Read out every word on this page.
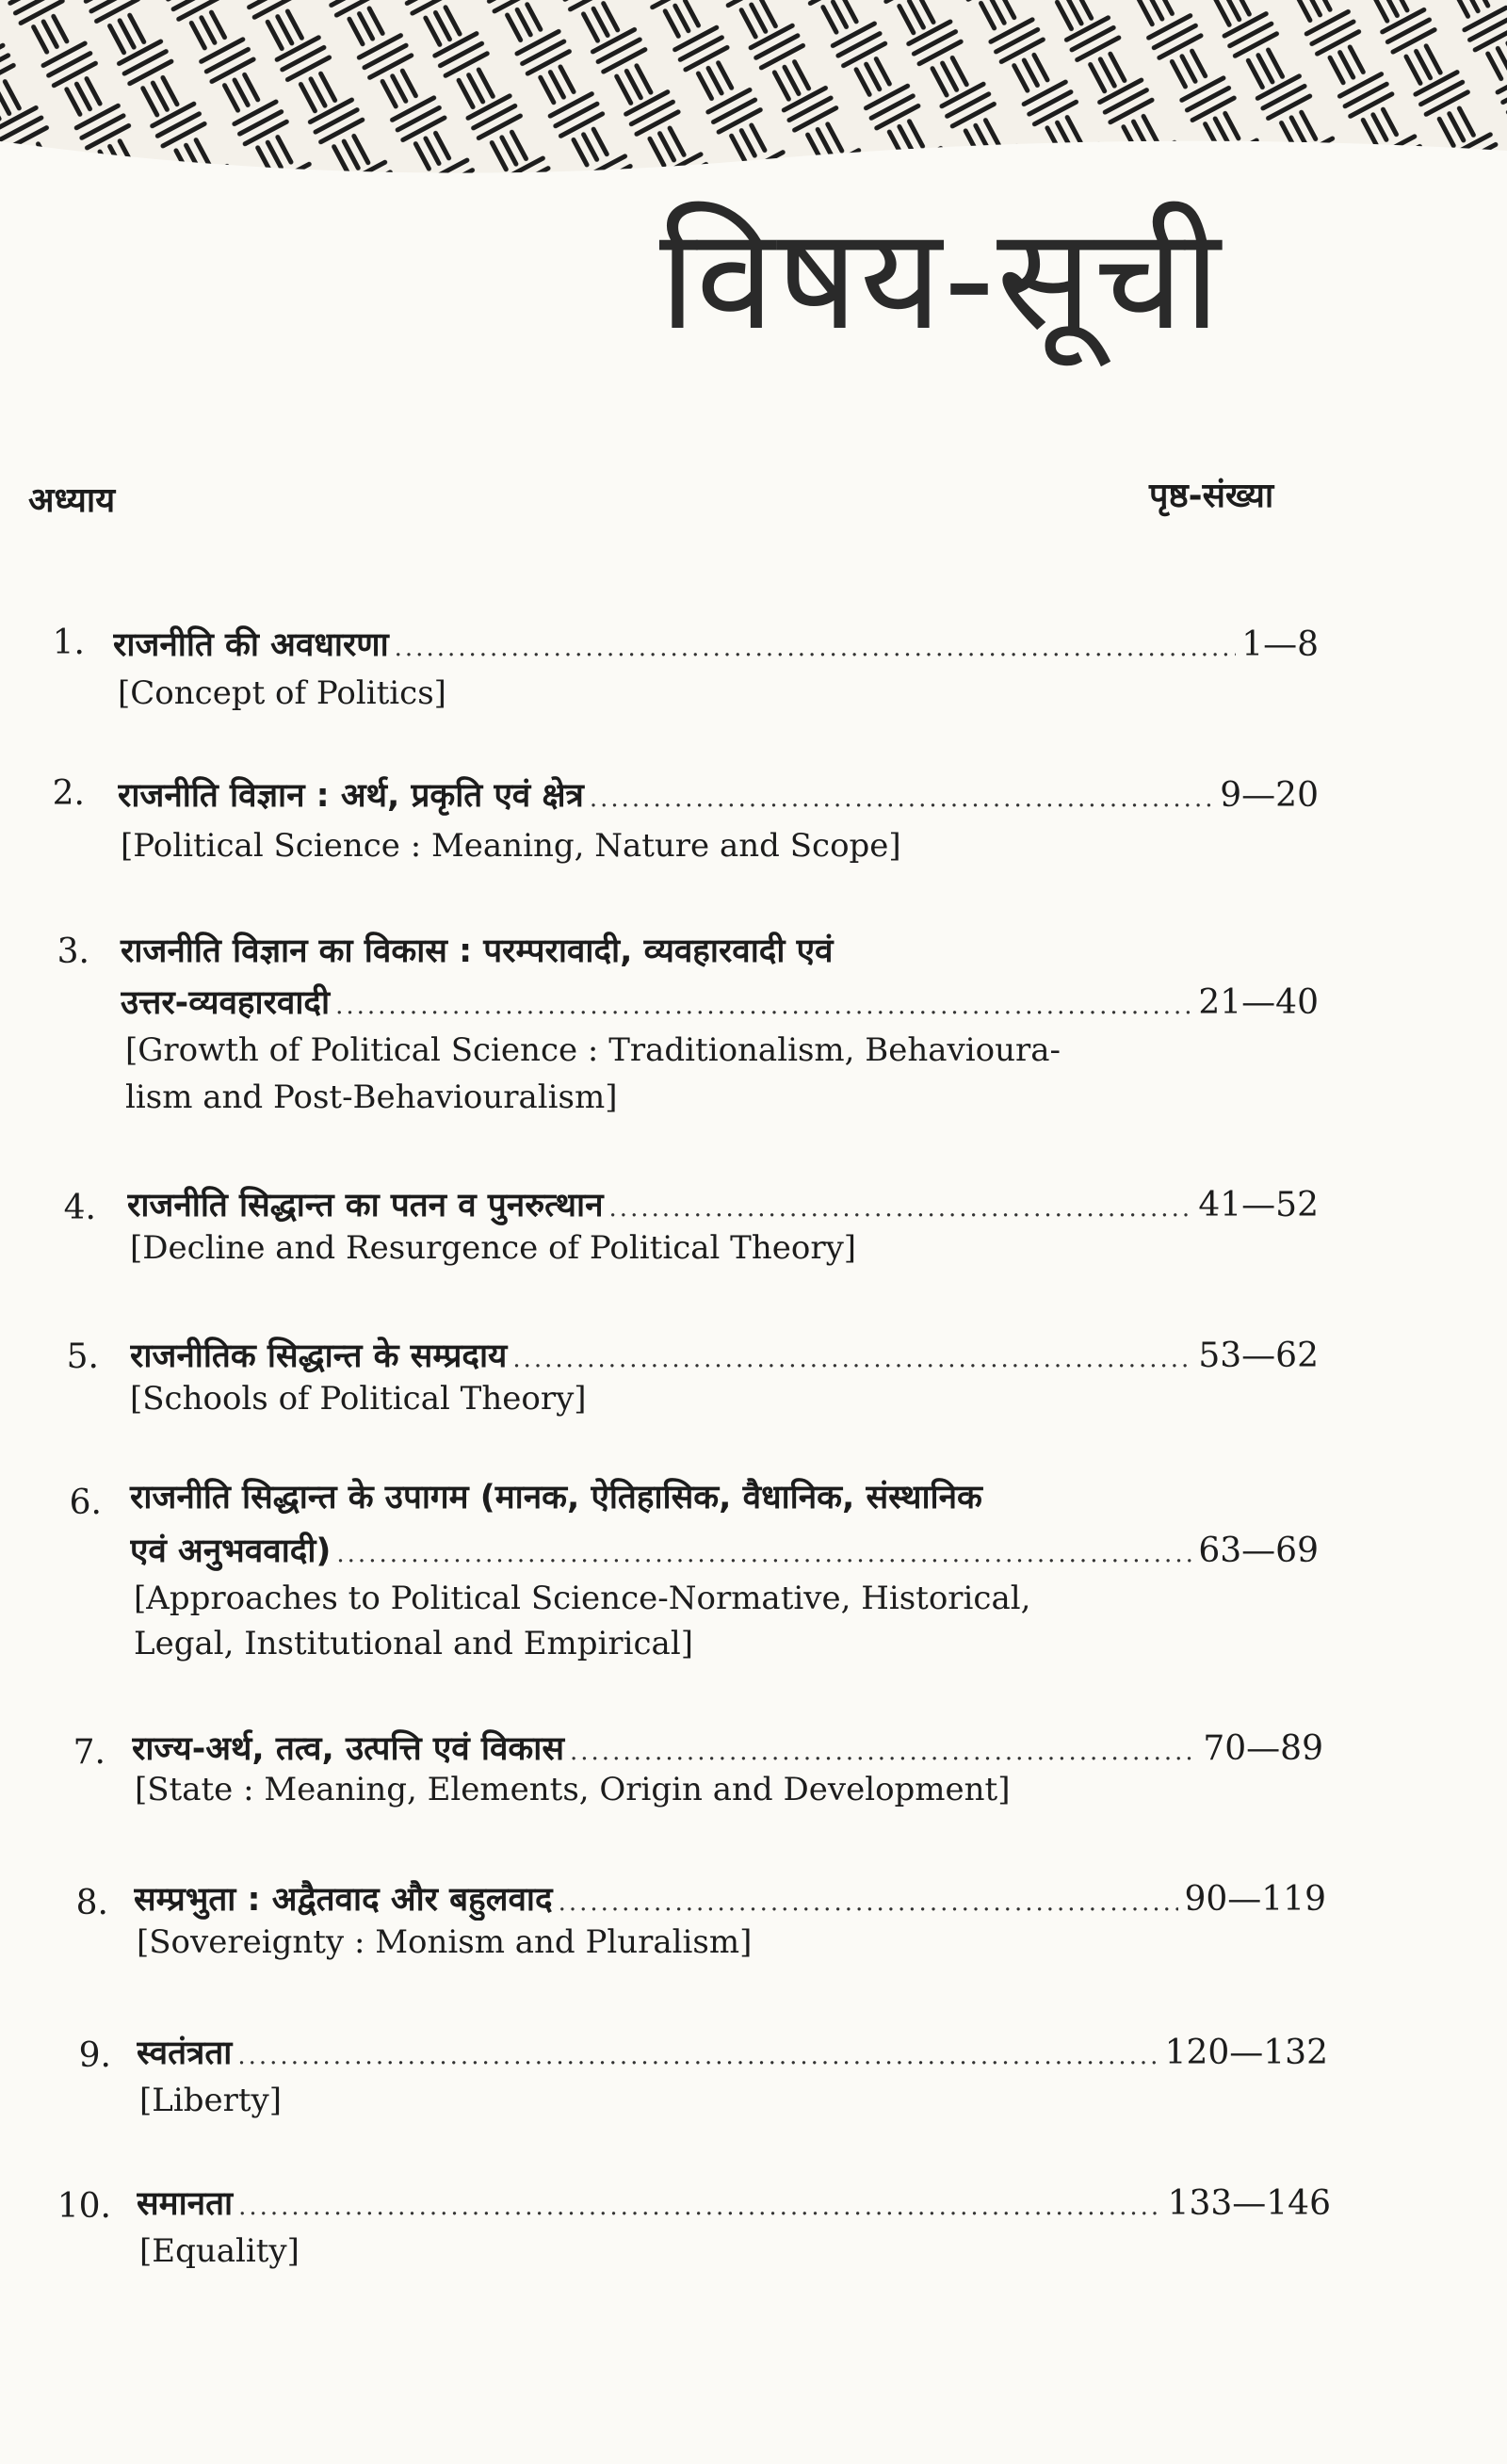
विषय-सूची
अध्याय	पृष्ठ-संख्या
1. राजनीति की अवधारणा .....	1—8
[Concept of Politics]
2. राजनीति विज्ञान : अर्थ, प्रकृति एवं क्षेत्र .....	9—20
[Political Science : Meaning, Nature and Scope]
3. राजनीति विज्ञान का विकास : परम्परावादी, व्यवहारवादी एवं
उत्तर-व्यवहारवादी .....	21—40
[Growth of Political Science : Traditionalism, Behavioura-
lism and Post-Behaviouralism]
4. राजनीति सिद्धान्त का पतन व पुनरुत्थान .....	41—52
[Decline and Resurgence of Political Theory]
5. राजनीतिक सिद्धान्त के सम्प्रदाय .....	53—62
[Schools of Political Theory]
6. राजनीति सिद्धान्त के उपागम (मानक, ऐतिहासिक, वैधानिक, संस्थानिक
एवं अनुभववादी) .....	63—69
[Approaches to Political Science-Normative, Historical,
Legal, Institutional and Empirical]
7. राज्य-अर्थ, तत्व, उत्पत्ति एवं विकास .....	70—89
[State : Meaning, Elements, Origin and Development]
8. सम्प्रभुता : अद्वैतवाद और बहुलवाद .....	90—119
[Sovereignty : Monism and Pluralism]
9. स्वतंत्रता .....	120—132
[Liberty]
10. समानता .....	133—146
[Equality]
